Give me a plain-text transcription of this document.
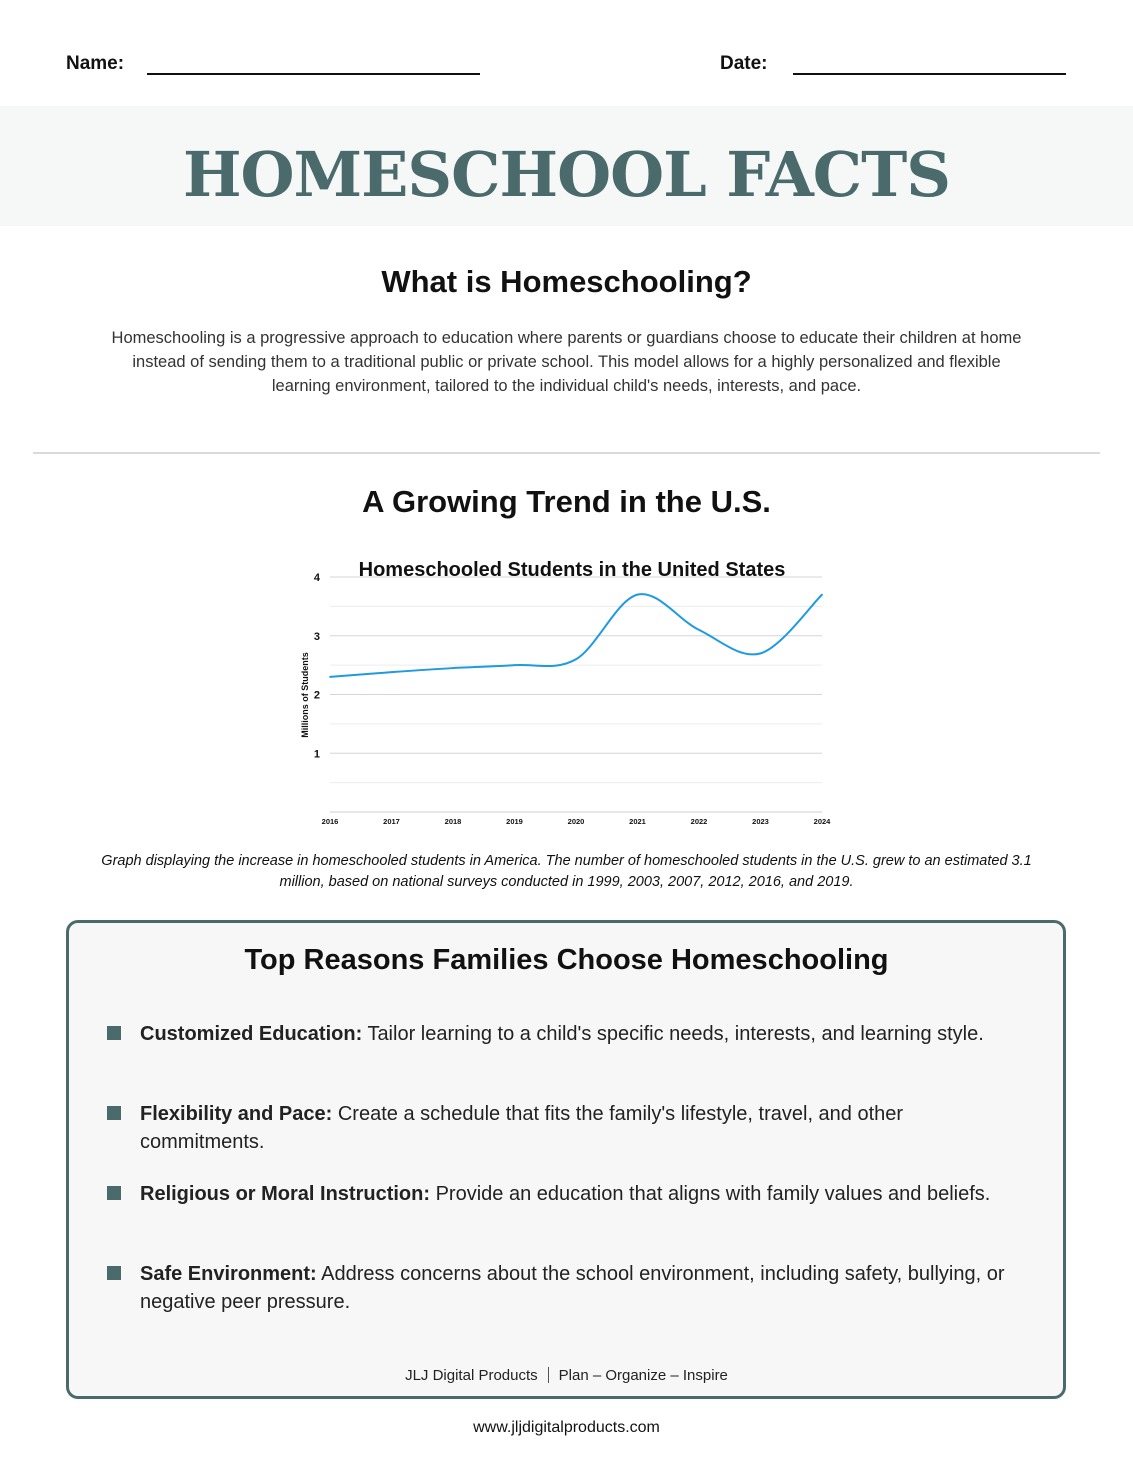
Name:	Date:
HOMESCHOOL FACTS
What is Homeschooling?
Homeschooling is a progressive approach to education where parents or guardians choose to educate their children at home instead of sending them to a traditional public or private school. This model allows for a highly personalized and flexible learning environment, tailored to the individual child's needs, interests, and pace.
A Growing Trend in the U.S.
Homeschooled Students in the United States
Millions of Students
1
2
3
4
2016	2017	2018	2019	2020	2021	2022	2023	2024
Graph displaying the increase in homeschooled students in America. The number of homeschooled students in the U.S. grew to an estimated 3.1 million, based on national surveys conducted in 1999, 2003, 2007, 2012, 2016, and 2019.
Top Reasons Families Choose Homeschooling
Customized Education: Tailor learning to a child's specific needs, interests, and learning style.
Flexibility and Pace: Create a schedule that fits the family's lifestyle, travel, and other commitments.
Religious or Moral Instruction: Provide an education that aligns with family values and beliefs.
Safe Environment: Address concerns about the school environment, including safety, bullying, or negative peer pressure.
JLJ Digital Products Plan – Organize – Inspire
www.jljdigitalproducts.com
